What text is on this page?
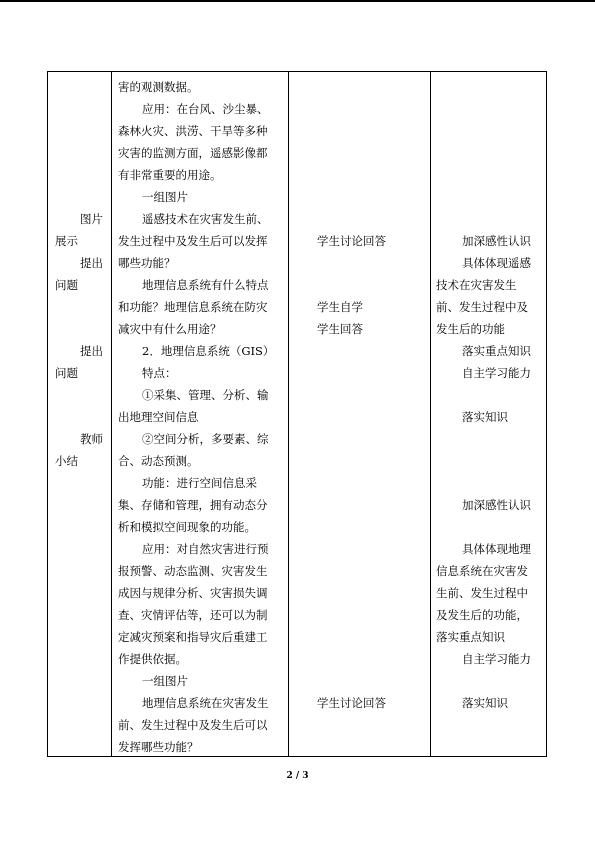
图片
展示
提出
问题
提出
问题
教师
小结
害的观测数据。
应用：在台风、沙尘暴、
森林火灾、洪涝、干旱等多种
灾害的监测方面，遥感影像都
有非常重要的用途。
一组图片
遥感技术在灾害发生前、
发生过程中及发生后可以发挥
哪些功能？
地理信息系统有什么特点
和功能？地理信息系统在防灾
减灾中有什么用途？
2．地理信息系统（GIS）
特点：
①采集、管理、分析、输
出地理空间信息
②空间分析，多要素、综
合、动态预测。
功能：进行空间信息采
集、存储和管理，拥有动态分
析和模拟空间现象的功能。
应用：对自然灾害进行预
报预警、动态监测、灾害发生
成因与规律分析、灾害损失调
查、灾情评估等，还可以为制
定减灾预案和指导灾后重建工
作提供依据。
一组图片
地理信息系统在灾害发生
前、发生过程中及发生后可以
发挥哪些功能？
学生讨论回答
学生自学
学生回答
学生讨论回答
加深感性认识
具体体现遥感
技术在灾害发生
前、发生过程中及
发生后的功能
落实重点知识
自主学习能力
落实知识
加深感性认识
具体体现地理
信息系统在灾害发
生前、发生过程中
及发生后的功能，
落实重点知识
自主学习能力
落实知识
2 / 3
